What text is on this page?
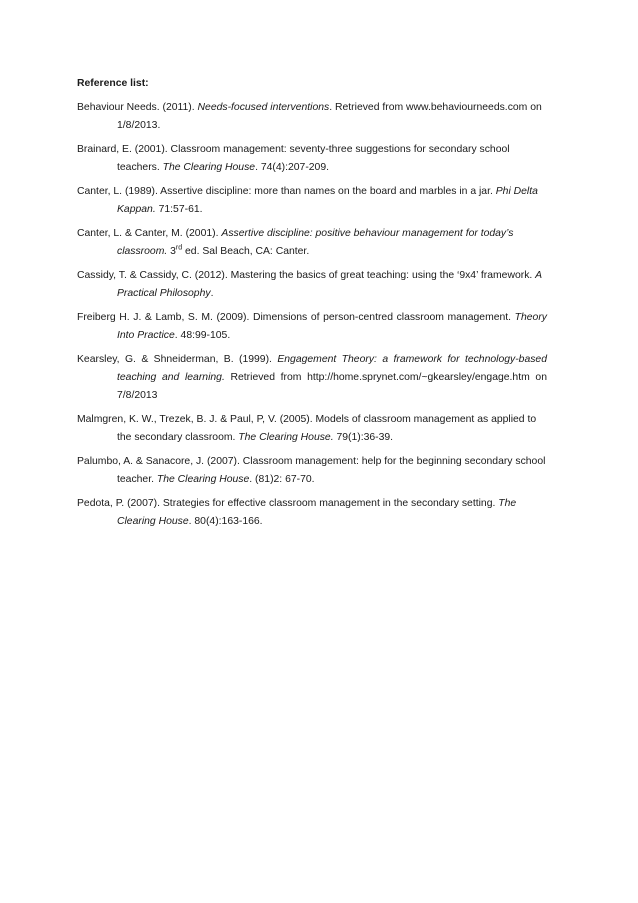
Reference list:
Behaviour Needs. (2011). Needs-focused interventions. Retrieved from www.behaviourneeds.com on 1/8/2013.
Brainard, E. (2001). Classroom management: seventy-three suggestions for secondary school teachers. The Clearing House. 74(4):207-209.
Canter, L. (1989). Assertive discipline: more than names on the board and marbles in a jar. Phi Delta Kappan. 71:57-61.
Canter, L. & Canter, M. (2001). Assertive discipline: positive behaviour management for today’s classroom. 3rd ed. Sal Beach, CA: Canter.
Cassidy, T. & Cassidy, C. (2012). Mastering the basics of great teaching: using the ‘9x4’ framework. A Practical Philosophy.
Freiberg H. J. & Lamb, S. M. (2009). Dimensions of person-centred classroom management. Theory Into Practice. 48:99-105.
Kearsley, G. & Shneiderman, B. (1999). Engagement Theory: a framework for technology-based teaching and learning. Retrieved from http://home.sprynet.com/~gkearsley/engage.htm on 7/8/2013
Malmgren, K. W., Trezek, B. J. & Paul, P, V. (2005). Models of classroom management as applied to the secondary classroom. The Clearing House. 79(1):36-39.
Palumbo, A. & Sanacore, J. (2007). Classroom management: help for the beginning secondary school teacher. The Clearing House. (81)2: 67-70.
Pedota, P. (2007). Strategies for effective classroom management in the secondary setting. The Clearing House. 80(4):163-166.
